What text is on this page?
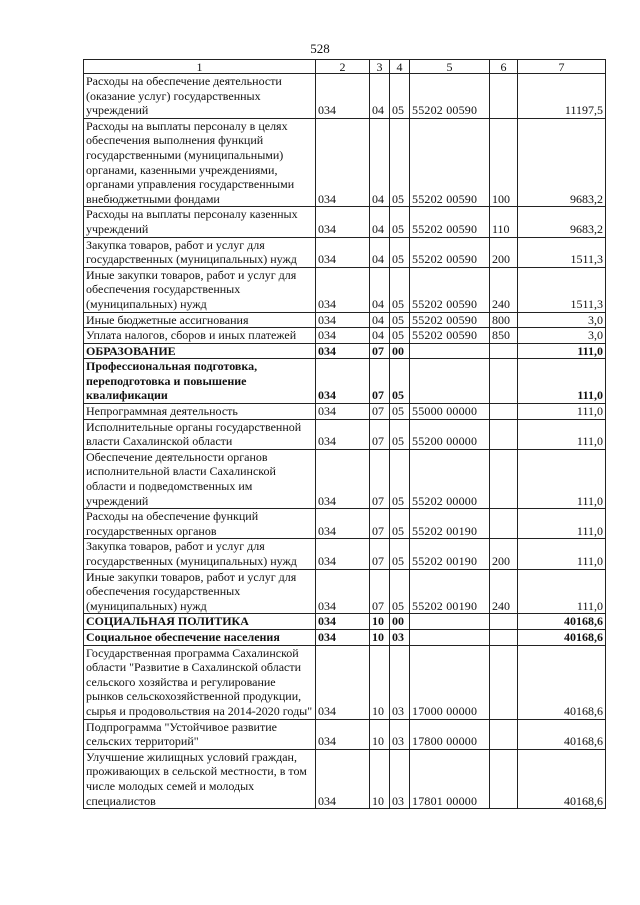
528
1	2	3	4	5	6	7
Расходы на обеспечение деятельности (оказание услуг) государственных учреждений	034	04	05	55202 00590		11197,5
Расходы на выплаты персоналу в целях обеспечения выполнения функций государственными (муниципальными) органами, казенными учреждениями, органами управления государственными внебюджетными фондами	034	04	05	55202 00590	100	9683,2
Расходы на выплаты персоналу казенных учреждений	034	04	05	55202 00590	110	9683,2
Закупка товаров, работ и услуг для государственных (муниципальных) нужд	034	04	05	55202 00590	200	1511,3
Иные закупки товаров, работ и услуг для обеспечения государственных (муниципальных) нужд	034	04	05	55202 00590	240	1511,3
Иные бюджетные ассигнования	034	04	05	55202 00590	800	3,0
Уплата налогов, сборов и иных платежей	034	04	05	55202 00590	850	3,0
ОБРАЗОВАНИЕ	034	07	00			111,0
Профессиональная подготовка, переподготовка и повышение квалификации	034	07	05			111,0
Непрограммная деятельность	034	07	05	55000 00000		111,0
Исполнительные органы государственной власти Сахалинской области	034	07	05	55200 00000		111,0
Обеспечение деятельности органов исполнительной власти Сахалинской области и подведомственных им учреждений	034	07	05	55202 00000		111,0
Расходы на обеспечение функций государственных органов	034	07	05	55202 00190		111,0
Закупка товаров, работ и услуг для государственных (муниципальных) нужд	034	07	05	55202 00190	200	111,0
Иные закупки товаров, работ и услуг для обеспечения государственных (муниципальных) нужд	034	07	05	55202 00190	240	111,0
СОЦИАЛЬНАЯ ПОЛИТИКА	034	10	00			40168,6
Социальное обеспечение населения	034	10	03			40168,6
Государственная программа Сахалинской области "Развитие в Сахалинской области сельского хозяйства и регулирование рынков сельскохозяйственной продукции, сырья и продовольствия на 2014-2020 годы"	034	10	03	17000 00000		40168,6
Подпрограмма "Устойчивое развитие сельских территорий"	034	10	03	17800 00000		40168,6
Улучшение жилищных условий граждан, проживающих в сельской местности, в том числе молодых семей и молодых специалистов	034	10	03	17801 00000		40168,6
